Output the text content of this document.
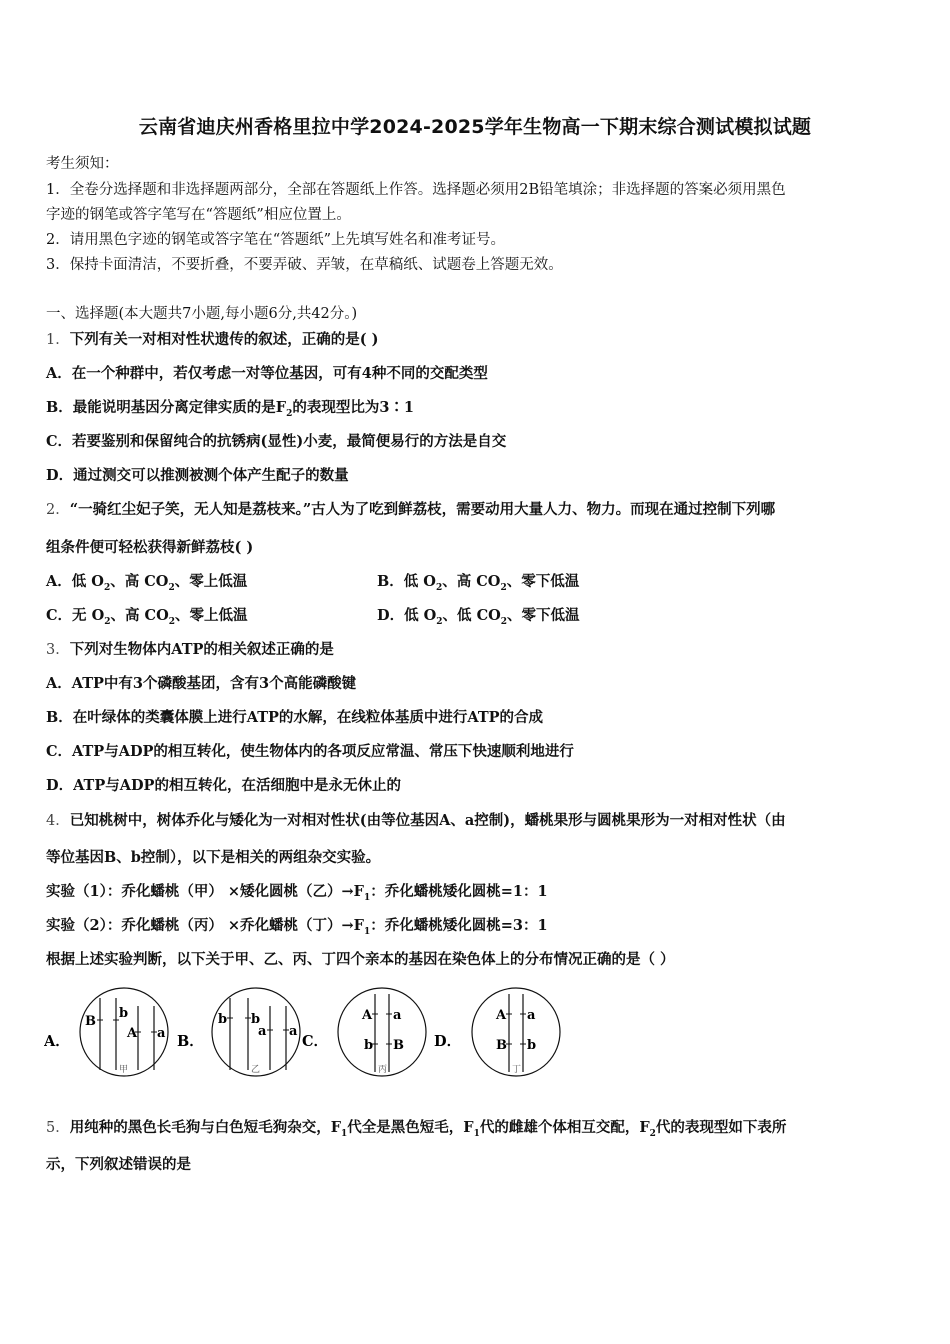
云南省迪庆州香格里拉中学2024-2025学年生物高一下期末综合测试模拟试题
考生须知：
1．全卷分选择题和非选择题两部分，全部在答题纸上作答。选择题必须用2B铅笔填涂；非选择题的答案必须用黑色
字迹的钢笔或答字笔写在“答题纸”相应位置上。
2．请用黑色字迹的钢笔或答字笔在“答题纸”上先填写姓名和准考证号。
3．保持卡面清洁，不要折叠，不要弄破、弄皱，在草稿纸、试题卷上答题无效。
一、选择题(本大题共7小题,每小题6分,共42分。)
1．下列有关一对相对性状遗传的叙述，正确的是( )
A．在一个种群中，若仅考虑一对等位基因，可有4种不同的交配类型
B．最能说明基因分离定律实质的是$F_2$的表现型比为3∶1
C．若要鉴别和保留纯合的抗锈病(显性)小麦，最简便易行的方法是自交
D．通过测交可以推测被测个体产生配子的数量
2．“一骑红尘妃子笑，无人知是荔枝来。”古人为了吃到鲜荔枝，需要动用大量人力、物力。而现在通过控制下列哪
组条件便可轻松获得新鲜荔枝( )
A．低 $O_2$、高 $CO_2$、零上低温	B．低 $O_2$、高 $CO_2$、零下低温
C．无 $O_2$、高 $CO_2$、零上低温	D．低 $O_2$、低 $CO_2$、零下低温
3．下列对生物体内ATP的相关叙述正确的是
A．ATP中有3个磷酸基团，含有3个高能磷酸键
B．在叶绿体的类囊体膜上进行ATP的水解，在线粒体基质中进行ATP的合成
C．ATP与ADP的相互转化，使生物体内的各项反应常温、常压下快速顺利地进行
D．ATP与ADP的相互转化，在活细胞中是永无休止的
4．已知桃树中，树体乔化与矮化为一对相对性状(由等位基因A、a控制)，蟠桃果形与圆桃果形为一对相对性状（由
等位基因B、b控制），以下是相关的两组杂交实验。
实验（1）：乔化蟠桃（甲） ×矮化圆桃（乙）$\to F_1$：乔化蟠桃矮化圆桃=1：1
实验（2）：乔化蟠桃（丙） ×乔化蟠桃（丁）$\to F_1$：乔化蟠桃矮化圆桃=3：1
根据上述实验判断，以下关于甲、乙、丙、丁四个亲本的基因在染色体上的分布情况正确的是（ ）
A．
B
b
A a
甲
B．
b b
a a
乙
C．
A a
b B
丙
D．
A a
B b
丁
5．用纯种的黑色长毛狗与白色短毛狗杂交，$F_1$代全是黑色短毛，$F_1$代的雌雄个体相互交配，$F_2$代的表现型如下表所
示，下列叙述错误的是
